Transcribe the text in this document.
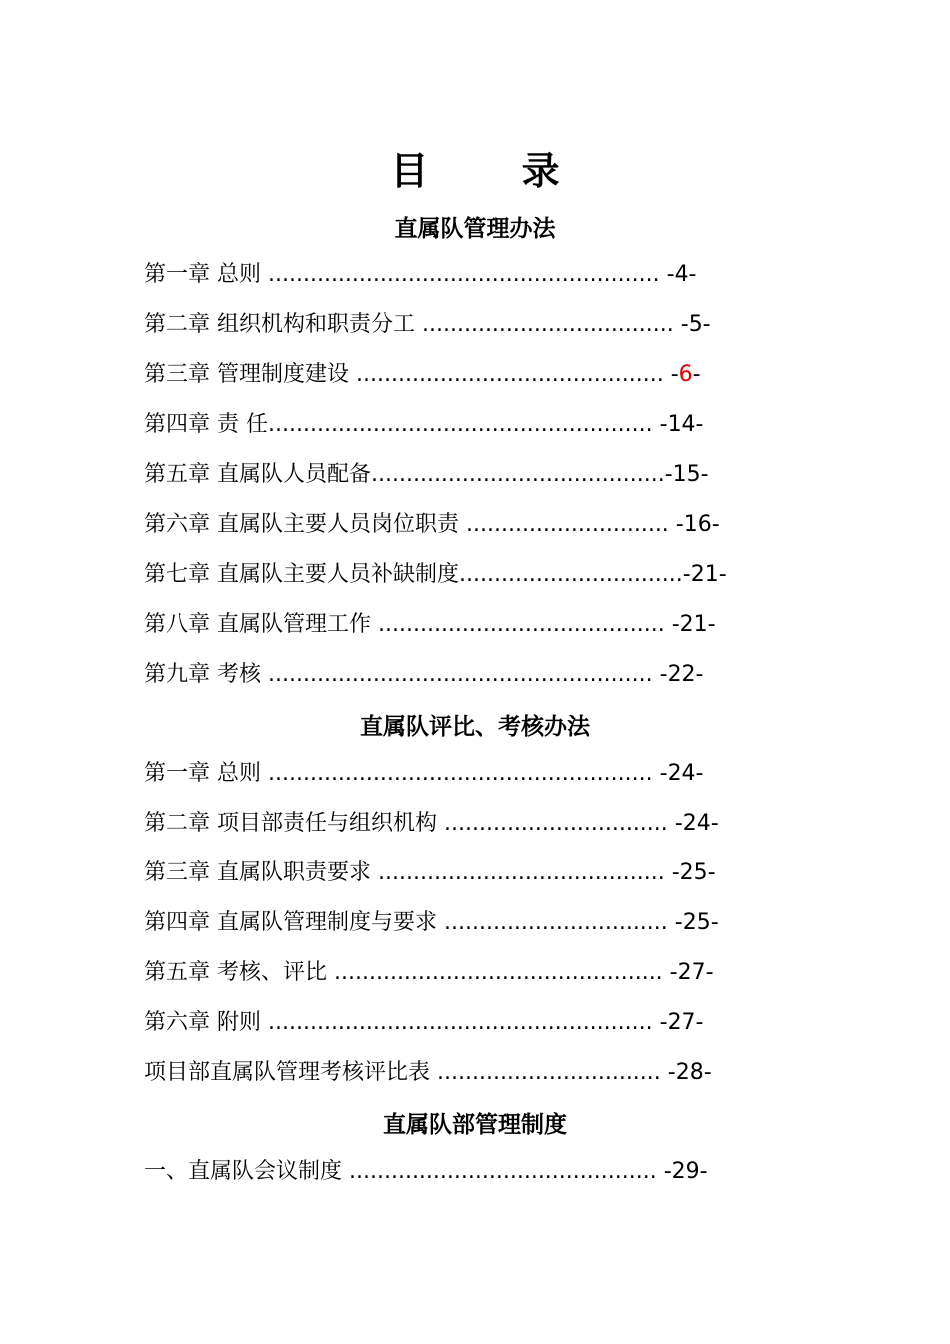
目 录
直属队管理办法
第一章 总则 ........................................................ -4-
第二章 组织机构和职责分工 .................................... -5-
第三章 管理制度建设 ............................................ -6-
第四章 责 任....................................................... -14-
第五章 直属队人员配备..........................................-15-
第六章 直属队主要人员岗位职责 ............................. -16-
第七章 直属队主要人员补缺制度................................-21-
第八章 直属队管理工作 ......................................... -21-
第九章 考核 ....................................................... -22-
直属队评比、考核办法
第一章 总则 ....................................................... -24-
第二章 项目部责任与组织机构 ................................ -24-
第三章 直属队职责要求 ......................................... -25-
第四章 直属队管理制度与要求 ................................ -25-
第五章 考核、评比 ............................................... -27-
第六章 附则 ....................................................... -27-
项目部直属队管理考核评比表 ................................ -28-
直属队部管理制度
一、直属队会议制度 ............................................ -29-
